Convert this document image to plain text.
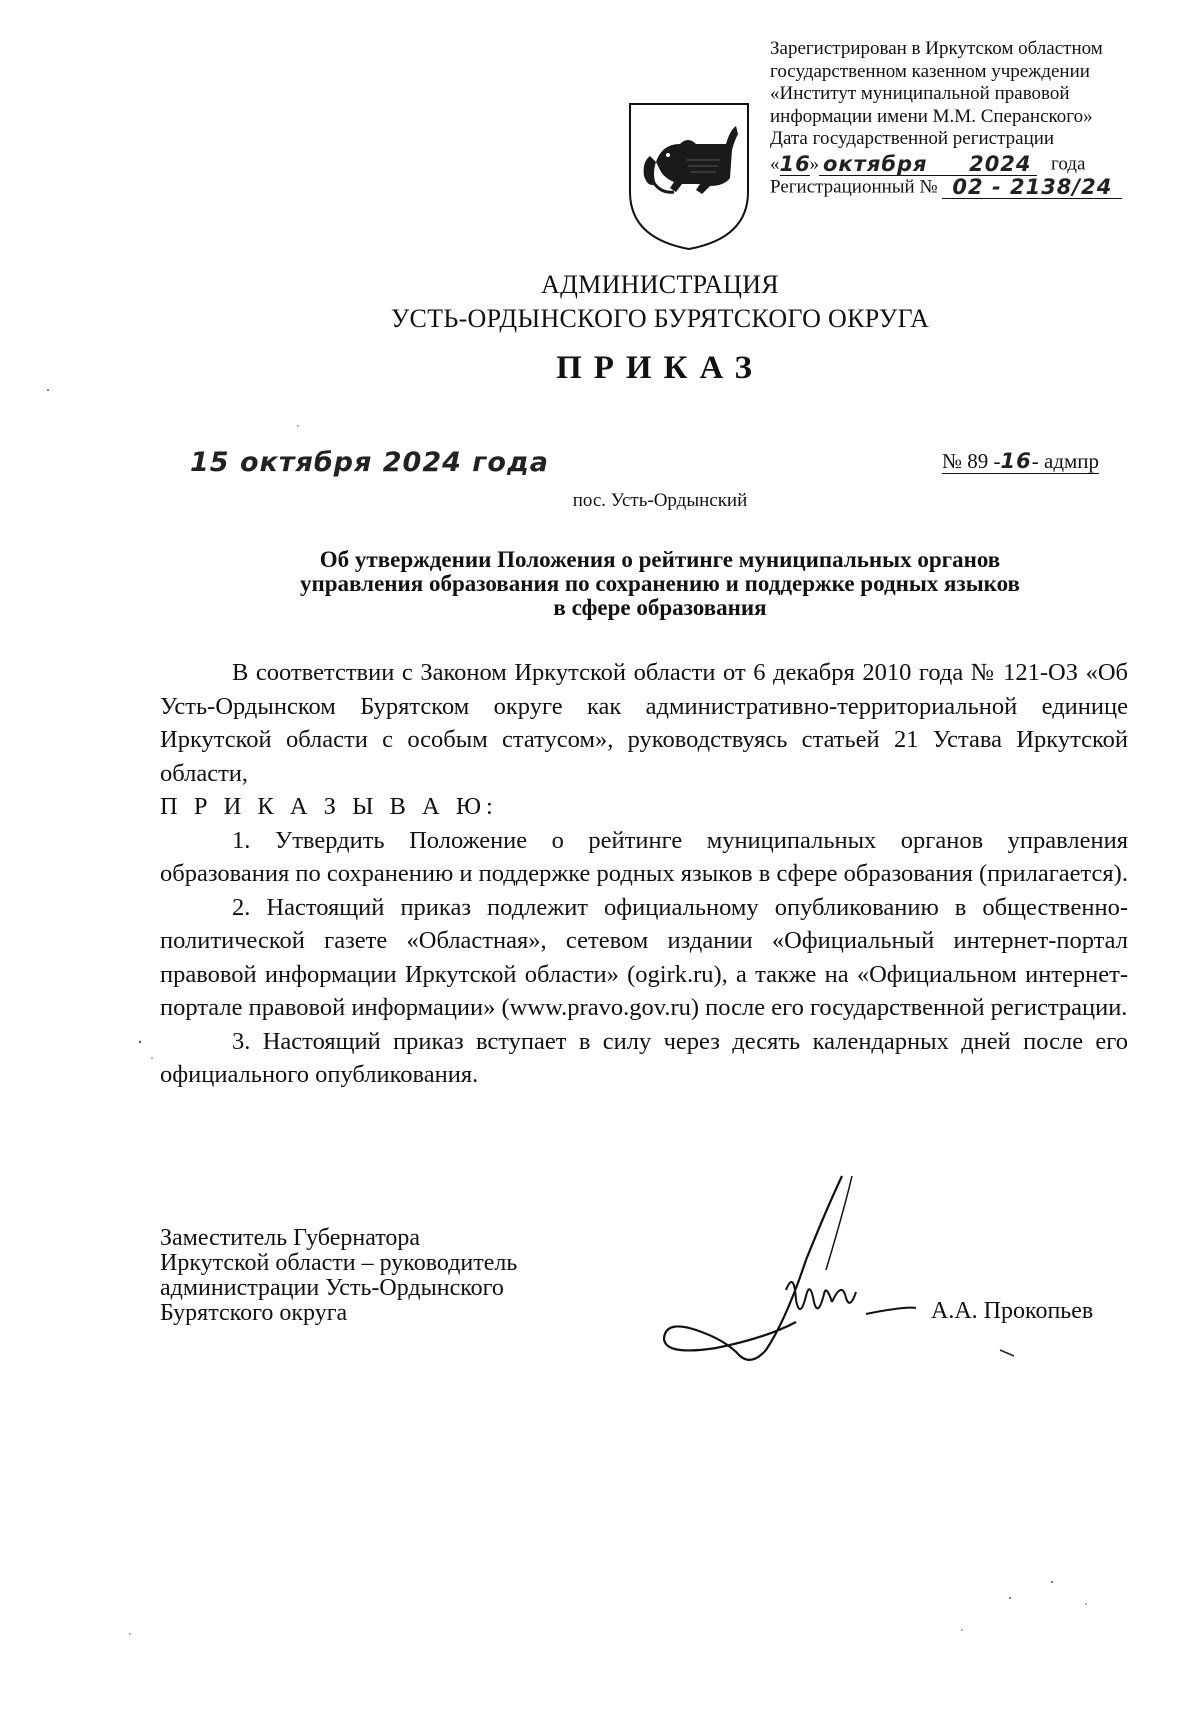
Зарегистрирован в Иркутском областном
государственном казенном учреждении
«Институт муниципальной правовой
информации имени М.М. Сперанского»
Дата государственной регистрации
«16» октября 2024 года
Регистрационный № 02 - 2138/24
АДМИНИСТРАЦИЯ
УСТЬ-ОРДЫНСКОГО БУРЯТСКОГО ОКРУГА
ПРИКАЗ
15 октября 2024 года	№ 89 -16- адмпр
пос. Усть-Ордынский
Об утверждении Положения о рейтинге муниципальных органов
управления образования по сохранению и поддержке родных языков
в сфере образования

В соответствии с Законом Иркутской области от 6 декабря 2010 года № 121-ОЗ «Об Усть-Ордынском Бурятском округе как административно-территориальной единице Иркутской области с особым статусом», руководствуясь статьей 21 Устава Иркутской области,

П Р И К А З Ы В А Ю:

1. Утвердить Положение о рейтинге муниципальных органов управления образования по сохранению и поддержке родных языков в сфере образования (прилагается).

2. Настоящий приказ подлежит официальному опубликованию в общественно-политической газете «Областная», сетевом издании «Официальный интернет-портал правовой информации Иркутской области» (ogirk.ru), а также на «Официальном интернет-портале правовой информации» (www.pravo.gov.ru) после его государственной регистрации.

3. Настоящий приказ вступает в силу через десять календарных дней после его официального опубликования.

Заместитель Губернатора
Иркутской области – руководитель
администрации Усть-Ордынского
Бурятского округа	А.А. Прокопьев
